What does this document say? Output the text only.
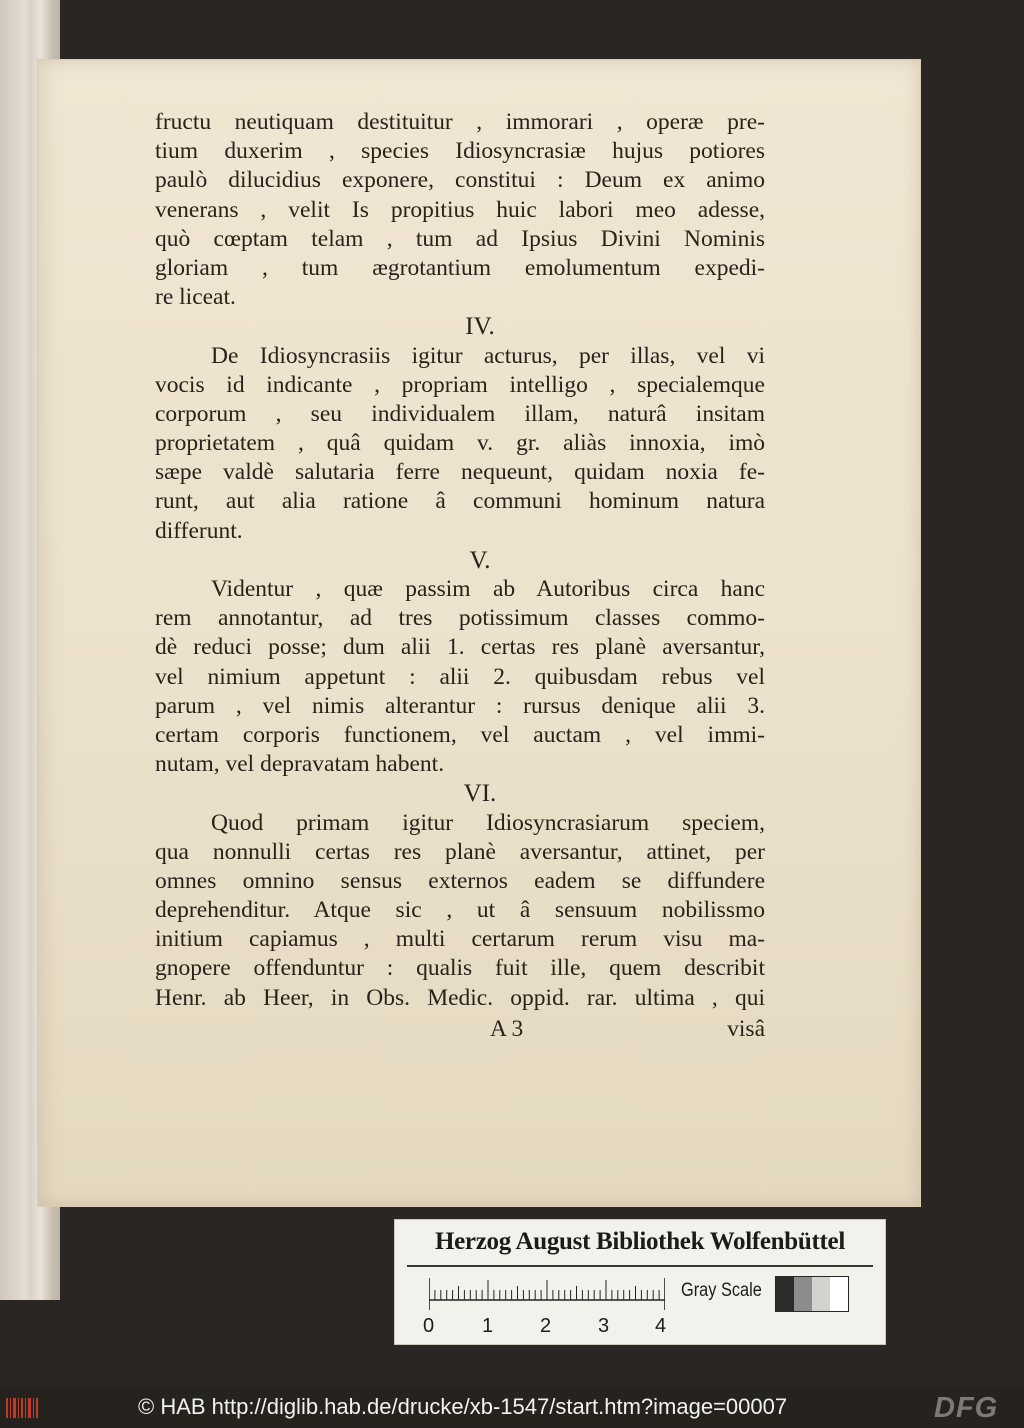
fructu neutiquam destituitur , immorari , operæ pre-
tium duxerim , species Idiosyncrasiæ hujus potiores
paulò dilucidius exponere, constitui : Deum ex animo
venerans , velit Is propitius huic labori meo adesse,
quò cœptam telam , tum ad Ipsius Divini Nominis
gloriam , tum ægrotantium emolumentum expedi-
re liceat.
IV.
De Idiosyncrasiis igitur acturus, per illas, vel vi
vocis id indicante , propriam intelligo , specialemque
corporum , seu individualem illam, naturâ insitam
proprietatem , quâ quidam v. gr. aliàs innoxia, imò
sæpe valdè salutaria ferre nequeunt, quidam noxia fe-
runt, aut alia ratione â communi hominum natura
differunt.
V.
Videntur , quæ passim ab Autoribus circa hanc
rem annotantur, ad tres potissimum classes commo-
dè reduci posse; dum alii 1. certas res planè aversantur,
vel nimium appetunt : alii 2. quibusdam rebus vel
parum , vel nimis alterantur : rursus denique alii 3.
certam corporis functionem, vel auctam , vel immi-
nutam, vel depravatam habent.
VI.
Quod primam igitur Idiosyncrasiarum speciem,
qua nonnulli certas res planè aversantur, attinet, per
omnes omnino sensus externos eadem se diffundere
deprehenditur. Atque sic , ut â sensuum nobilissmo
initium capiamus , multi certarum rerum visu ma-
gnopere offenduntur : qualis fuit ille, quem describit
Henr. ab Heer, in Obs. Medic. oppid. rar. ultima , qui
A 3	visâ
Herzog August Bibliothek Wolfenbüttel
0 1 2 3 4
Gray Scale
© HAB http://diglib.hab.de/drucke/xb-1547/start.htm?image=00007	DFG
